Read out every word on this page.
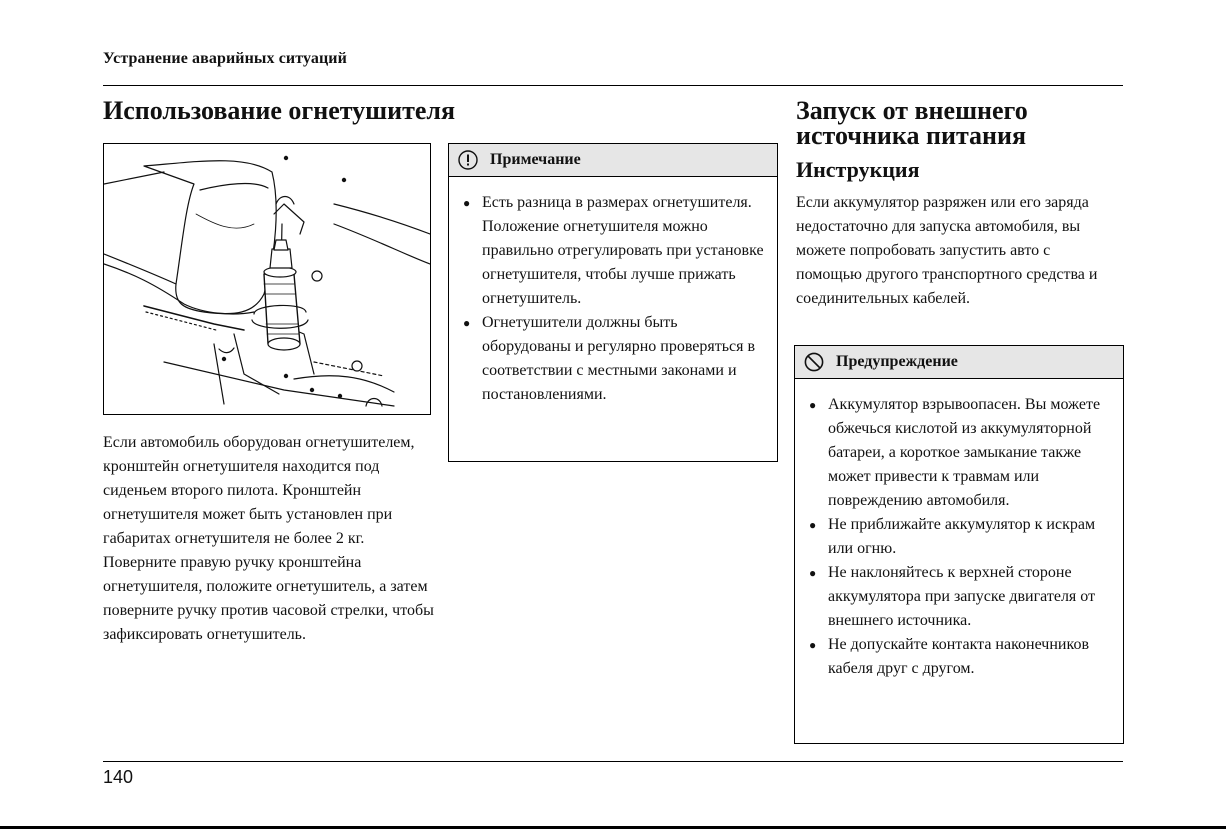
Устранение аварийных ситуаций
Использование огнетушителя

Если автомобиль оборудован огнетушителем, кронштейн огнетушителя находится под сиденьем второго пилота. Кронштейн огнетушителя может быть установлен при габаритах огнетушителя не более 2 кг.

Поверните правую ручку кронштейна огнетушителя, положите огнетушитель, а затем поверните ручку против часовой стрелки, чтобы зафиксировать огнетушитель.

Примечание
● Есть разница в размерах огнетушителя. Положение огнетушителя можно правильно отрегулировать при установке огнетушителя, чтобы лучше прижать огнетушитель.
● Огнетушители должны быть оборудованы и регулярно проверяться в соответствии с местными законами и постановлениями.
Запуск от внешнего источника питания
Инструкция
Если аккумулятор разряжен или его заряда недостаточно для запуска автомобиля, вы можете попробовать запустить авто с помощью другого транспортного средства и соединительных кабелей.
Предупреждение
● Аккумулятор взрывоопасен. Вы можете обжечься кислотой из аккумуляторной батареи, а короткое замыкание также может привести к травмам или повреждению автомобиля.
● Не приближайте аккумулятор к искрам или огню.
● Не наклоняйтесь к верхней стороне аккумулятора при запуске двигателя от внешнего источника.
● Не допускайте контакта наконечников кабеля друг с другом.
140
